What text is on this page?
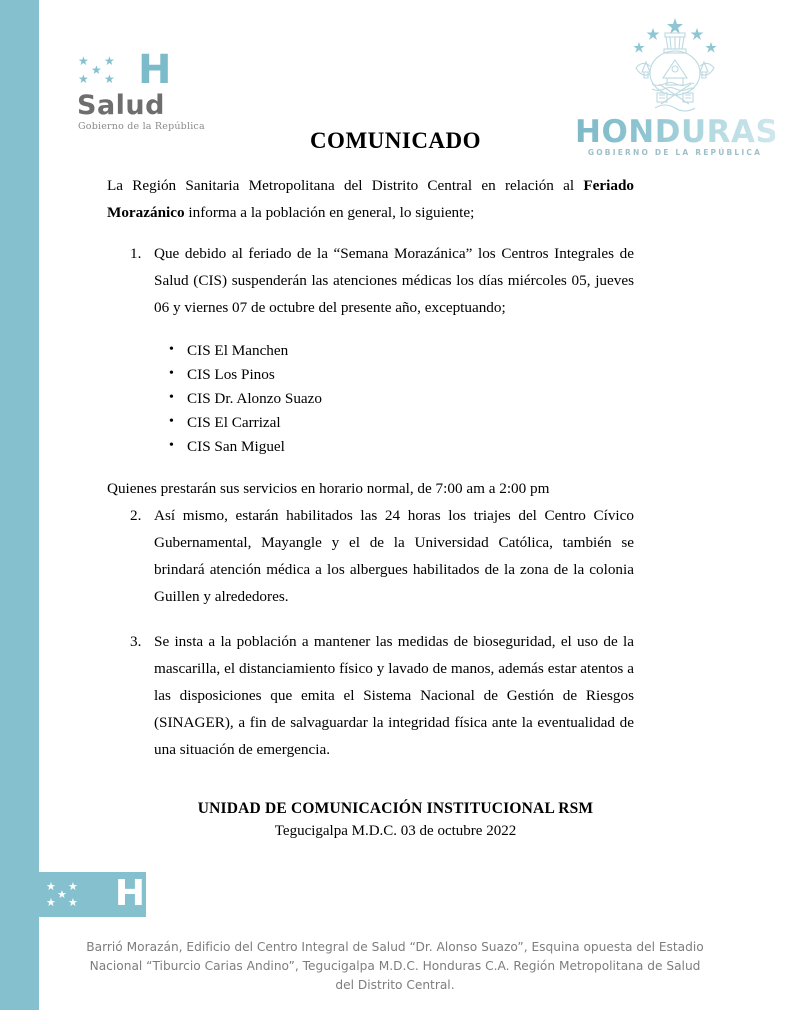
★ ★
★
★ ★ H
★ ★
★
★ ★ H
Salud
Gobierno de la República	HONDURAS
GOBIERNO DE LA REPÚBLICA
COMUNICADO

La Región Sanitaria Metropolitana del Distrito Central en relación al Feriado Morazánico informa a la población en general, lo siguiente;

1. Que debido al feriado de la “Semana Morazánica” los Centros Integrales de Salud (CIS) suspenderán las atenciones médicas los días miércoles 05, jueves 06 y viernes 07 de octubre del presente año, exceptuando;
• CIS El Manchen
• CIS Los Pinos
• CIS Dr. Alonzo Suazo
• CIS El Carrizal
• CIS San Miguel

Quienes prestarán sus servicios en horario normal, de 7:00 am a 2:00 pm

2. Así mismo, estarán habilitados las 24 horas los triajes del Centro Cívico Gubernamental, Mayangle y el de la Universidad Católica, también se brindará atención médica a los albergues habilitados de la zona de la colonia Guillen y alrededores.
3. Se insta a la población a mantener las medidas de bioseguridad, el uso de la mascarilla, el distanciamiento físico y lavado de manos, además estar atentos a las disposiciones que emita el Sistema Nacional de Gestión de Riesgos (SINAGER), a fin de salvaguardar la integridad física ante la eventualidad de una situación de emergencia.
UNIDAD DE COMUNICACIÓN INSTITUCIONAL RSM
Tegucigalpa M.D.C. 03 de octubre 2022
Barrió Morazán, Edificio del Centro Integral de Salud “Dr. Alonso Suazo”, Esquina opuesta del Estadio Nacional “Tiburcio Carias Andino”, Tegucigalpa M.D.C. Honduras C.A. Región Metropolitana de Salud del Distrito Central.
